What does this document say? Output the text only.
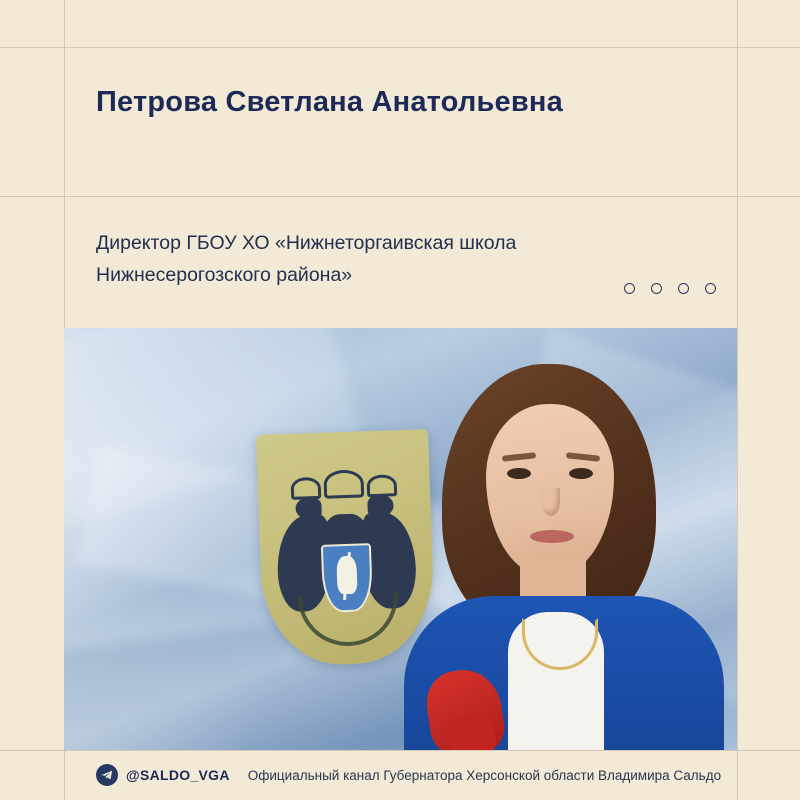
Петрова Светлана Анатольевна
Директор ГБОУ ХО «Нижнеторгаивская школа Нижнесерогозского района»
@SALDO_VGA Официальный канал Губернатора Херсонской области Владимира Сальдо
